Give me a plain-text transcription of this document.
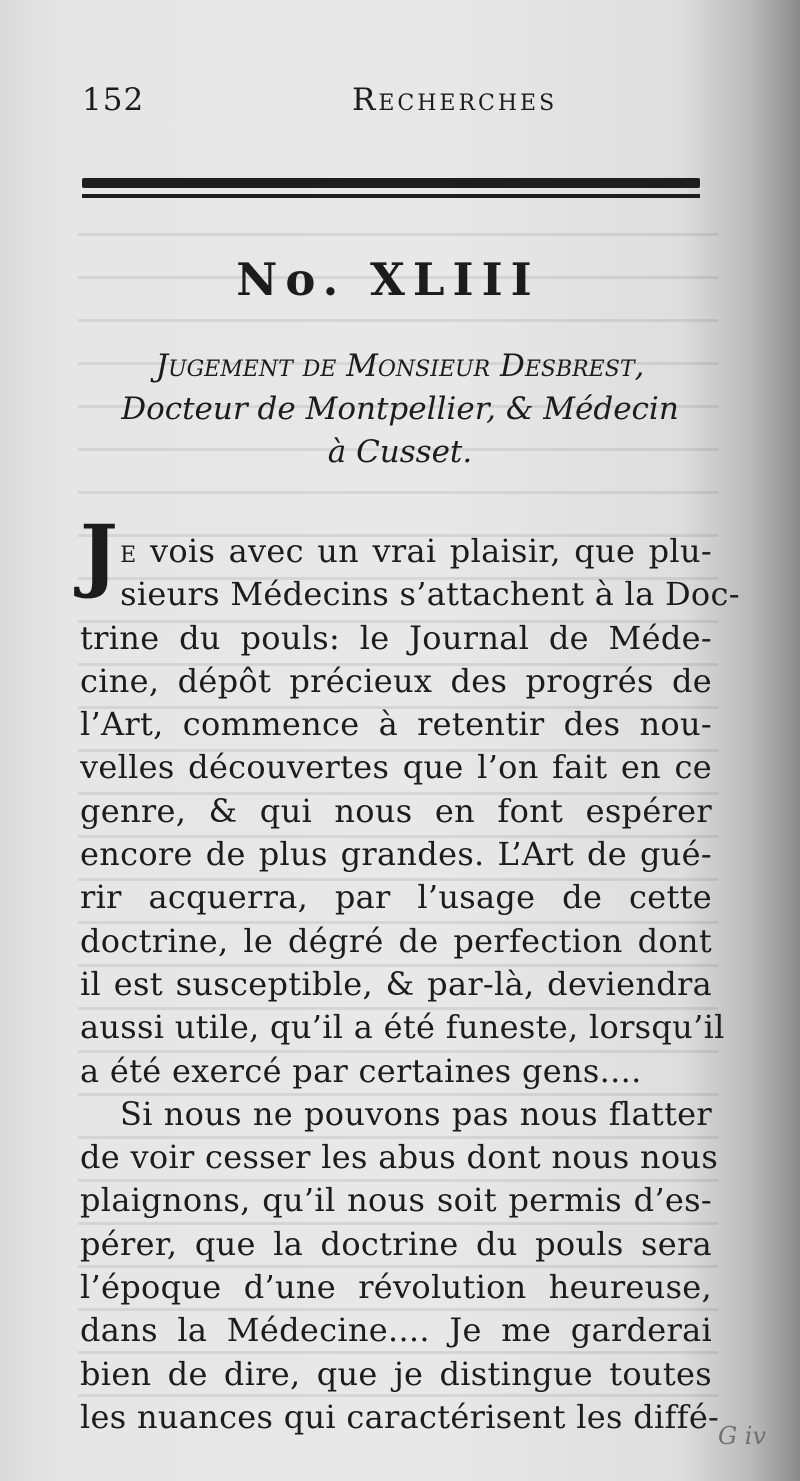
152	Recherches
No. XLIII
Jugement de Monsieur Desbrest,
Docteur de Montpellier, & Médecin
à Cusset.
Je vois avec un vrai plaisir, que plu-
sieurs Médecins s’attachent à la Doc-
trine du pouls: le Journal de Méde-
cine, dépôt précieux des progrés de
l’Art, commence à retentir des nou-
velles découvertes que l’on fait en ce
genre, & qui nous en font espérer
encore de plus grandes. L’Art de gué-
rir acquerra, par l’usage de cette
doctrine, le dégré de perfection dont
il est susceptible, & par-là, deviendra
aussi utile, qu’il a été funeste, lorsqu’il
a été exercé par certaines gens....
Si nous ne pouvons pas nous flatter
de voir cesser les abus dont nous nous
plaignons, qu’il nous soit permis d’es-
pérer, que la doctrine du pouls sera
l’époque d’une révolution heureuse,
dans la Médecine.... Je me garderai
bien de dire, que je distingue toutes
les nuances qui caractérisent les diffé-
G iv
